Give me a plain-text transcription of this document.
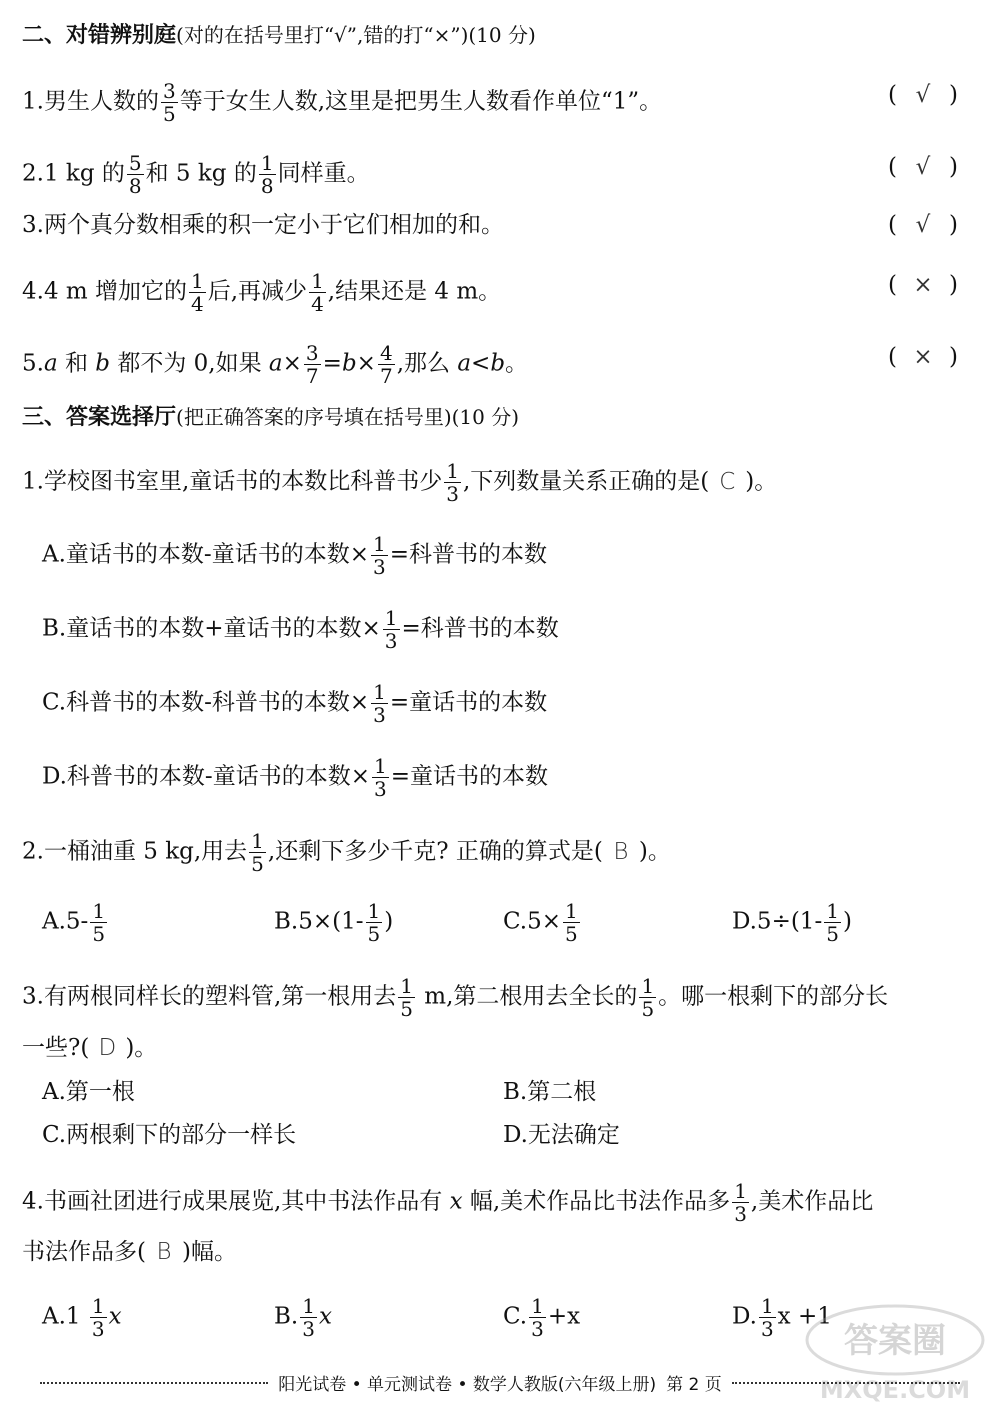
二、对错辨别庭(对的在括号里打“√”,错的打“×”)(10 分)
1.男生人数的 $\frac{3}{5}$ 等于女生人数,这里是把男生人数看作单位“1”。	( √ )
2.1 kg 的 $\frac{5}{8}$ 和 5 kg 的 $\frac{1}{8}$ 同样重。	( √ )
3.两个真分数相乘的积一定小于它们相加的和。	( √ )
4.4 m 增加它的 $\frac{1}{4}$ 后,再减少 $\frac{1}{4}$ ,结果还是 4 m。	( × )
5.a 和 b 都不为 0,如果 $a\times \frac{3}{7} =b\times \frac{4}{7}$ ,那么 a<b。	( × )
三、答案选择厅(把正确答案的序号填在括号里)(10 分)
1.学校图书室里,童话书的本数比科普书少 $\frac{1}{3}$ ,下列数量关系正确的是( C )。
A.童话书的本数-童话书的本数× $\frac{1}{3}$ =科普书的本数
B.童话书的本数+童话书的本数× $\frac{1}{3}$ =科普书的本数
C.科普书的本数-科普书的本数× $\frac{1}{3}$ =童话书的本数
D.科普书的本数-童话书的本数× $\frac{1}{3}$ =童话书的本数
2.一桶油重 5 kg,用去 $\frac{1}{5}$ ,还剩下多少千克? 正确的算式是( B )。
$A.5- \frac{1}{5}$	$B.5\times(1- \frac{1}{5}$ )	$C.5\times \frac{1}{5}$	$D.5\div(1- \frac{1}{5}$ )
3.有两根同样长的塑料管,第一根用去 $\frac{1}{5} m$,第二根用去全长的 $\frac{1}{5}$ 。哪一根剩下的部分长
一些?( D )。
A.第一根	B.第二根
C.两根剩下的部分一样长	D.无法确定
4.书画社团进行成果展览,其中书法作品有 x 幅,美术作品比书法作品多 $\frac{1}{3}$ ,美术作品比
书法作品多( B )幅。
$A.1 \frac{1}{3}$ x	B. $\frac{1}{3}$ x	C. $\frac{1}{3} +x$	D. $\frac{1}{3}$ x +1
答案圈
MXQE.COM
阳光试卷 • 单元测试卷 • 数学人教版(六年级上册) 第 2 页
